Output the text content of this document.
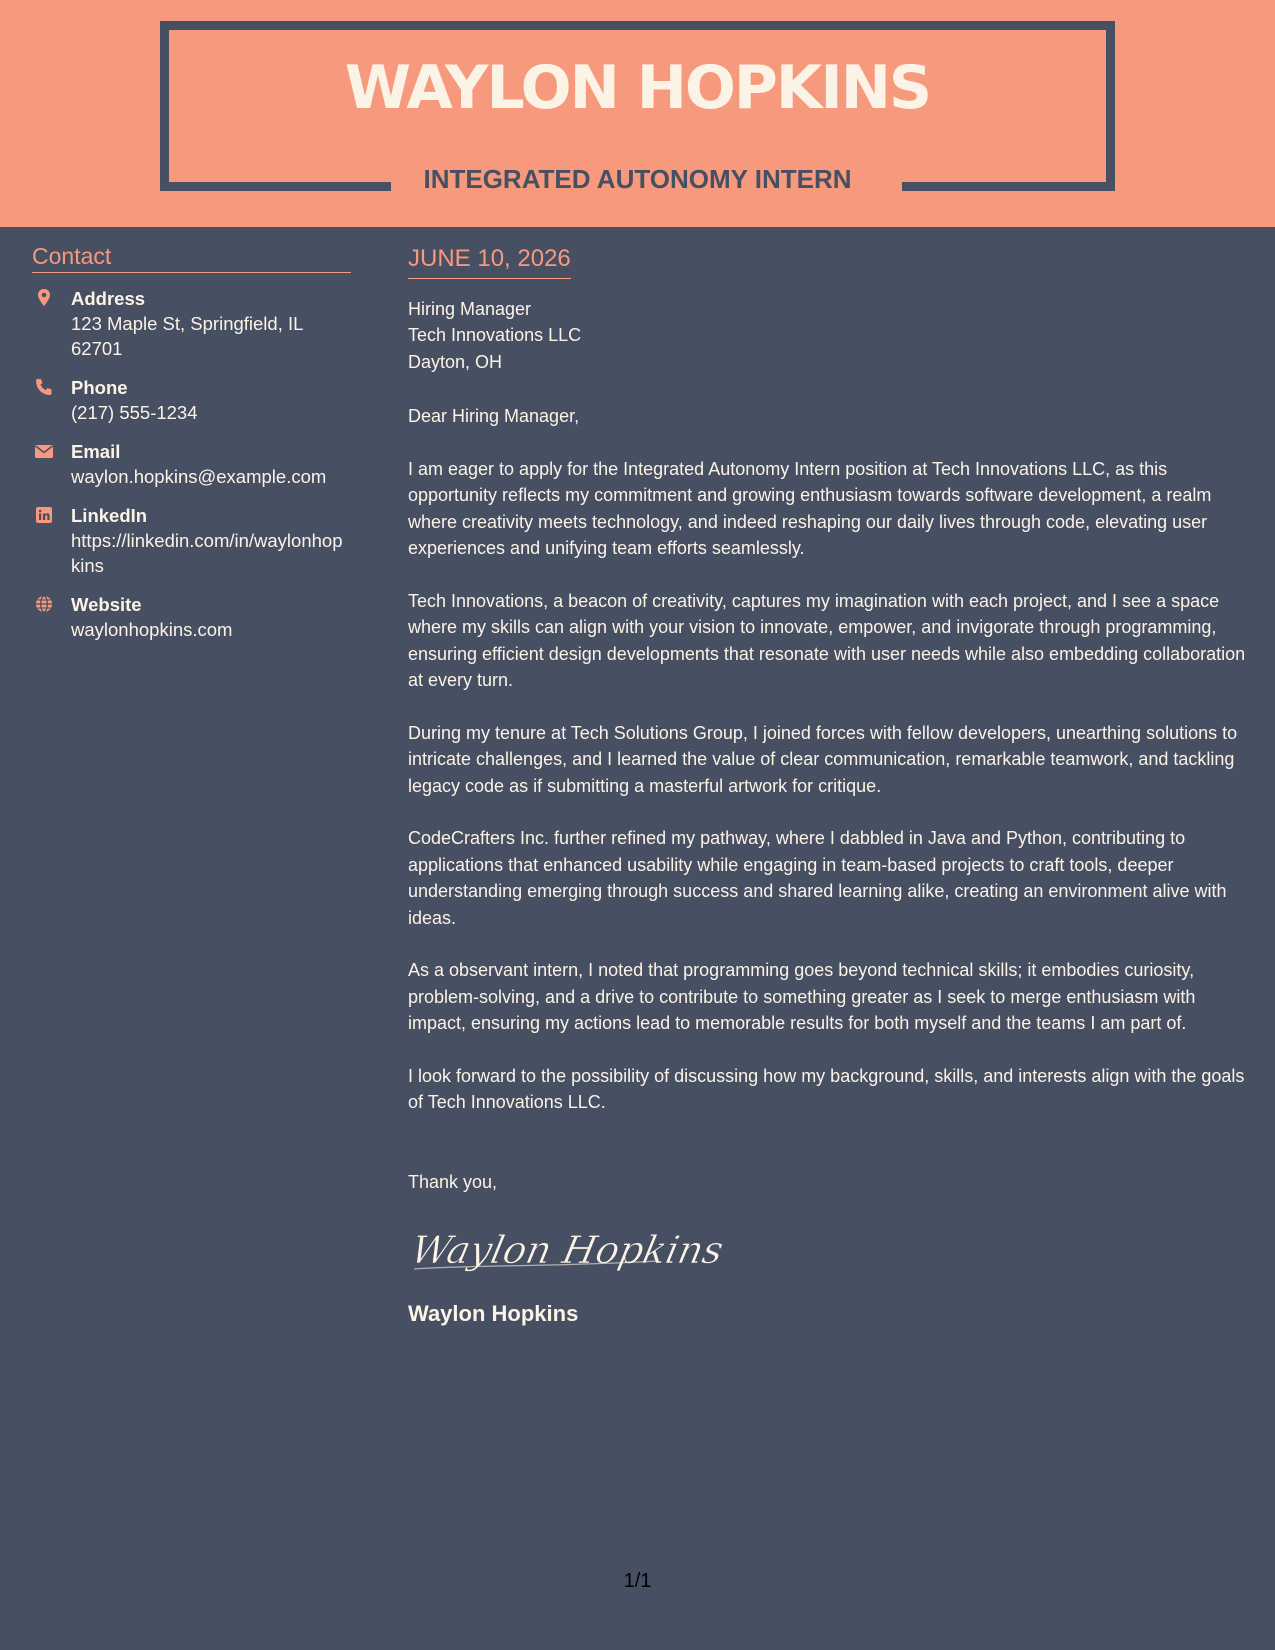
WAYLON HOPKINS
INTEGRATED AUTONOMY INTERN
Contact
Address
123 Maple St, Springfield, IL 62701
Phone
(217) 555-1234
Email
waylon.hopkins@example.com
LinkedIn
https://linkedin.com/in/waylonhopkins
Website
waylonhopkins.com
JUNE 10, 2026
Hiring Manager
Tech Innovations LLC
Dayton, OH
Dear Hiring Manager,
I am eager to apply for the Integrated Autonomy Intern position at Tech Innovations LLC, as this opportunity reflects my commitment and growing enthusiasm towards software development, a realm where creativity meets technology, and indeed reshaping our daily lives through code, elevating user experiences and unifying team efforts seamlessly.
Tech Innovations, a beacon of creativity, captures my imagination with each project, and I see a space where my skills can align with your vision to innovate, empower, and invigorate through programming, ensuring efficient design developments that resonate with user needs while also embedding collaboration at every turn.
During my tenure at Tech Solutions Group, I joined forces with fellow developers, unearthing solutions to intricate challenges, and I learned the value of clear communication, remarkable teamwork, and tackling legacy code as if submitting a masterful artwork for critique.
CodeCrafters Inc. further refined my pathway, where I dabbled in Java and Python, contributing to applications that enhanced usability while engaging in team-based projects to craft tools, deeper understanding emerging through success and shared learning alike, creating an environment alive with ideas.
As a observant intern, I noted that programming goes beyond technical skills; it embodies curiosity, problem-solving, and a drive to contribute to something greater as I seek to merge enthusiasm with impact, ensuring my actions lead to memorable results for both myself and the teams I am part of.
I look forward to the possibility of discussing how my background, skills, and interests align with the goals of Tech Innovations LLC.
Thank you,
Waylon Hopkins
Waylon Hopkins
1/1
